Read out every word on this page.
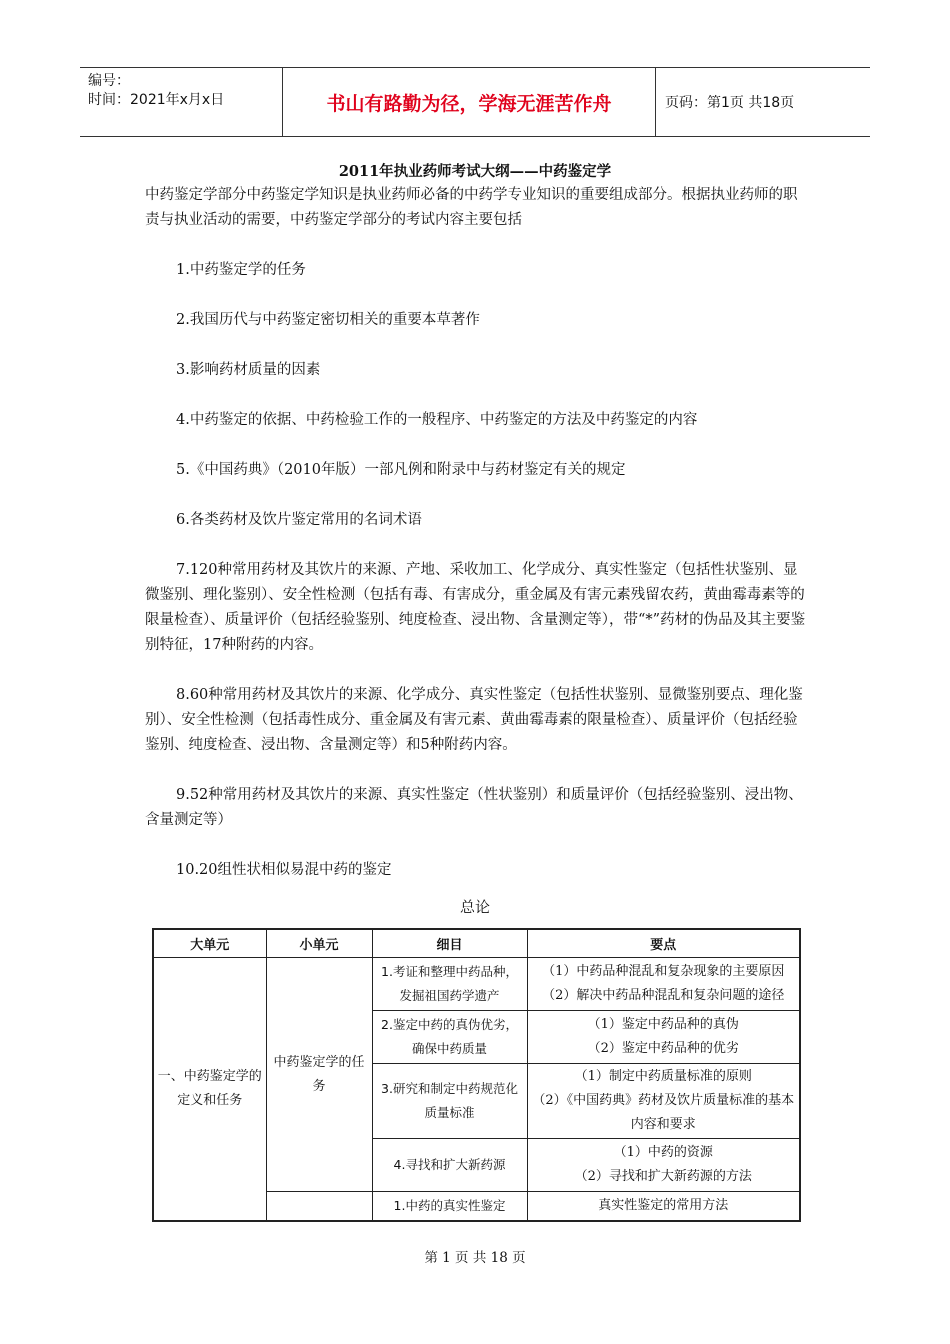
编号：
时间：2021年x月x日	书山有路勤为径，学海无涯苦作舟	页码：第1页 共18页
2011年执业药师考试大纲——中药鉴定学

中药鉴定学部分中药鉴定学知识是执业药师必备的中药学专业知识的重要组成部分。根据执业药师的职责与执业活动的需要，中药鉴定学部分的考试内容主要包括

1.中药鉴定学的任务

2.我国历代与中药鉴定密切相关的重要本草著作

3.影响药材质量的因素

4.中药鉴定的依据、中药检验工作的一般程序、中药鉴定的方法及中药鉴定的内容

5.《中国药典》（2010年版）一部凡例和附录中与药材鉴定有关的规定

6.各类药材及饮片鉴定常用的名词术语

7.120种常用药材及其饮片的来源、产地、采收加工、化学成分、真实性鉴定（包括性状鉴别、显微鉴别、理化鉴别）、安全性检测（包括有毒、有害成分，重金属及有害元素残留农药，黄曲霉毒素等的限量检查）、质量评价（包括经验鉴别、纯度检查、浸出物、含量测定等），带“*”药材的伪品及其主要鉴别特征，17种附药的内容。

8.60种常用药材及其饮片的来源、化学成分、真实性鉴定（包括性状鉴别、显微鉴别要点、理化鉴别）、安全性检测（包括毒性成分、重金属及有害元素、黄曲霉毒素的限量检查）、质量评价（包括经验鉴别、纯度检查、浸出物、含量测定等）和5种附药内容。

9.52种常用药材及其饮片的来源、真实性鉴定（性状鉴别）和质量评价（包括经验鉴别、浸出物、含量测定等）

10.20组性状相似易混中药的鉴定

总论
大单元	小单元	细目	要点
一、中药鉴定学的定义和任务	中药鉴定学的任务	1.考证和整理中药品种，发掘祖国药学遗产	（1）中药品种混乱和复杂现象的主要原因
（2）解决中药品种混乱和复杂问题的途径

		2.鉴定中药的真伪优劣，确保中药质量	（1）鉴定中药品种的真伪
（2）鉴定中药品种的优劣

		3.研究和制定中药规范化质量标准	（1）制定中药质量标准的原则
（2）《中国药典》药材及饮片质量标准的基本内容和要求

		4.寻找和扩大新药源	（1）中药的资源
（2）寻找和扩大新药源的方法

		1.中药的真实性鉴定	真实性鉴定的常用方法
第 1 页 共 18 页
